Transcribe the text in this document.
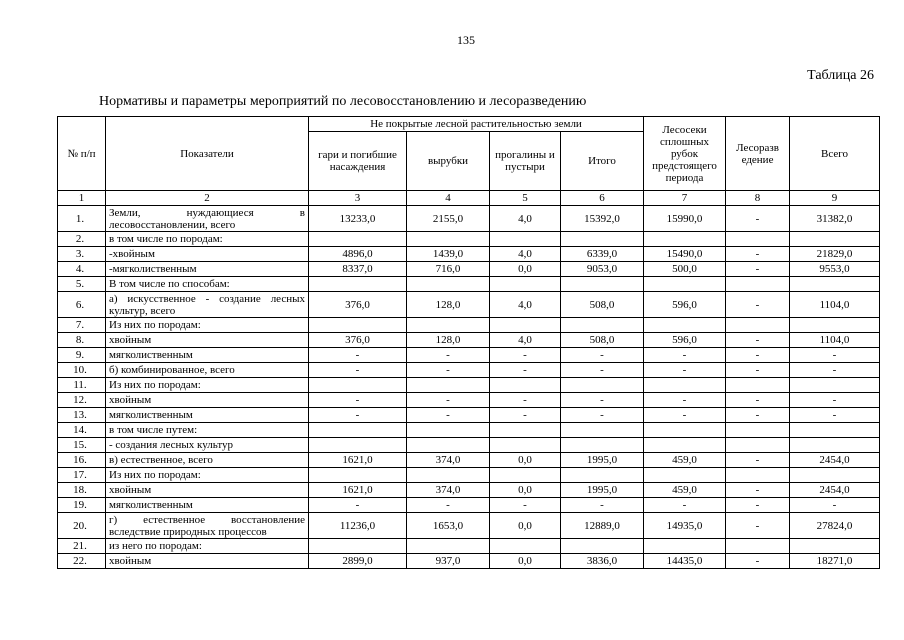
135
Таблица 26
Нормативы и параметры мероприятий по лесовосстановлению и лесоразведению
№ п/п	Показатели	Не покрытые лесной растительностью земли				Лесосеки сплошных рубок предстоящего периода	Лесоразв едение	Всего
		гари и погибшие насаждения	вырубки	прогалины и пустыри	Итого			
1	2	3	4	5	6	7	8	9
1.	Земли, нуждающиеся в лесовосстановлении, всего	13233,0	2155,0	4,0	15392,0	15990,0	-	31382,0
2.	в том числе по породам:							
3.	-хвойным	4896,0	1439,0	4,0	6339,0	15490,0	-	21829,0
4.	-мягколиственным	8337,0	716,0	0,0	9053,0	500,0	-	9553,0
5.	В том числе по способам:							
6.	а) искусственное - создание лесных культур, всего	376,0	128,0	4,0	508,0	596,0	-	1104,0
7.	Из них по породам:							
8.	хвойным	376,0	128,0	4,0	508,0	596,0	-	1104,0
9.	мягколиственным	-	-	-	-	-	-	-
10.	б) комбинированное, всего	-	-	-	-	-	-	-
11.	Из них по породам:							
12.	хвойным	-	-	-	-	-	-	-
13.	мягколиственным	-	-	-	-	-	-	-
14.	в том числе путем:							
15.	- создания лесных культур							
16.	в) естественное, всего	1621,0	374,0	0,0	1995,0	459,0	-	2454,0
17.	Из них по породам:							
18.	хвойным	1621,0	374,0	0,0	1995,0	459,0	-	2454,0
19.	мягколиственным	-	-	-	-	-	-	-
20.	г) естественное восстановление вследствие природных процессов	11236,0	1653,0	0,0	12889,0	14935,0	-	27824,0
21.	из него по породам:							
22.	хвойным	2899,0	937,0	0,0	3836,0	14435,0	-	18271,0
